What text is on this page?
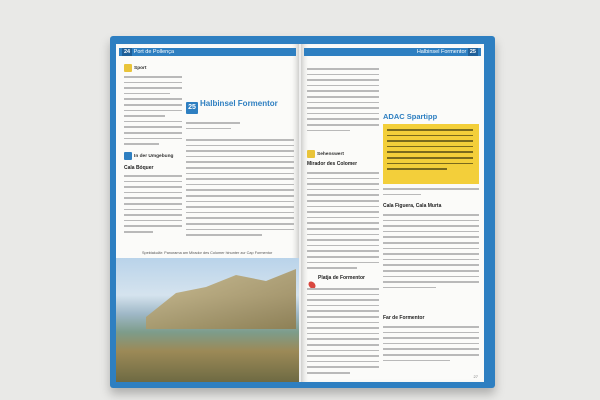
24 Port de Pollença
Sport
25 Halbinsel Formentor
In der Umgebung
Cala Bóquer
Spektakulär: Panorama am Mirador des Colomer hinunter zur Cap Formentor
Halbinsel Formentor 25
ADAC Spartipp
Sehenswert
Mirador des Colomer
Platja de Formentor
Cala Figuera, Cala Murta
Far de Formentor
27
